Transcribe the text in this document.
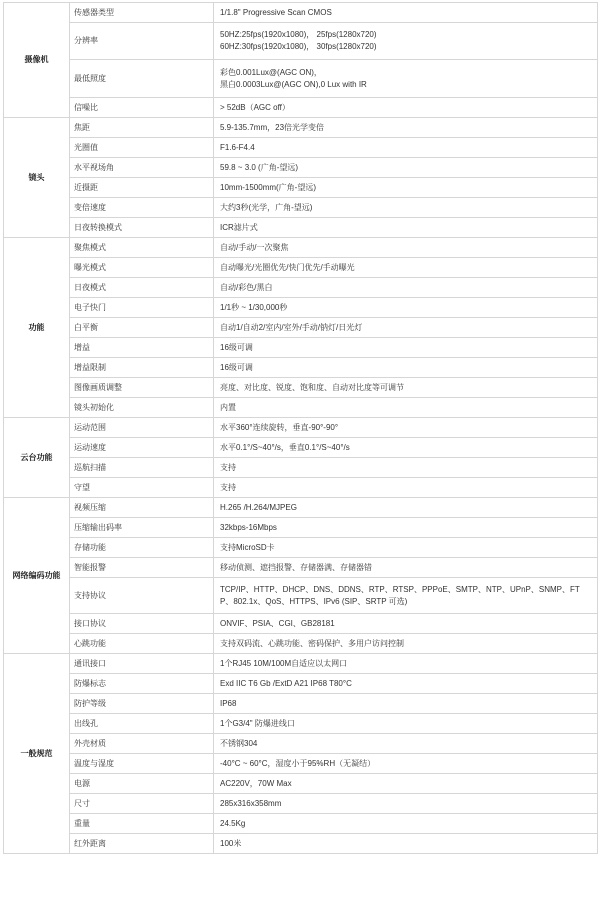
摄像机	传感器类型	1/1.8" Progressive Scan CMOS

	分辨率	50HZ:25fps(1920x1080)， 25fps(1280x720)
60HZ:30fps(1920x1080)， 30fps(1280x720)

	最低照度	彩色0.001Lux@(AGC ON)，
黑白0.0003Lux@(AGC ON),0 Lux with IR

	信噪比	> 52dB（AGC off）

镜头	焦距	5.9-135.7mm，23倍光学变倍

	光圈值	F1.6-F4.4

	水平视场角	59.8 ~ 3.0 (广角-望远)

	近摄距	10mm-1500mm(广角-望远)

	变倍速度	大约3秒(光学，广角-望远)

	日夜转换模式	ICR滤片式

功能	聚焦模式	自动/手动/一次聚焦

	曝光模式	自动曝光/光圈优先/快门优先/手动曝光

	日夜模式	自动/彩色/黑白

	电子快门	1/1秒 ~ 1/30,000秒

	白平衡	自动1/自动2/室内/室外/手动/钠灯/日光灯

	增益	16级可调

	增益限制	16级可调

	图像画质调整	亮度、对比度、锐度、饱和度、自动对比度等可调节

	镜头初始化	内置

云台功能	运动范围	水平360°连续旋转，垂直-90°-90°

	运动速度	水平0.1°/S~40°/s，垂直0.1°/S~40°/s

	巡航扫描	支持

	守望	支持

网络编码功能	视频压缩	H.265 /H.264/MJPEG

	压缩输出码率	32kbps-16Mbps

	存储功能	支持MicroSD卡

	智能报警	移动侦测、遮挡报警、存储器满、存储器错

	支持协议	TCP/IP、HTTP、DHCP、DNS、DDNS、RTP、RTSP、PPPoE、SMTP、NTP、UPnP、SNMP、FTP、802.1x、QoS、HTTPS、IPv6 (SIP、SRTP 可选)

	接口协议	ONVIF、PSIA、CGI、GB28181

	心跳功能	支持双码流、心跳功能、密码保护、多用户访问控制

一般规范	通讯接口	1个RJ45 10M/100M自适应以太网口

	防爆标志	Exd IIC T6 Gb /ExtD A21 IP68 T80°C

	防护等级	IP68

	出线孔	1个G3/4" 防爆进线口

	外壳材质	不锈钢304

	温度与湿度	-40°C ~ 60°C，湿度小于95%RH（无凝结）

	电源	AC220V，70W Max

	尺寸	285x316x358mm

	重量	24.5Kg

	红外距离	100米
